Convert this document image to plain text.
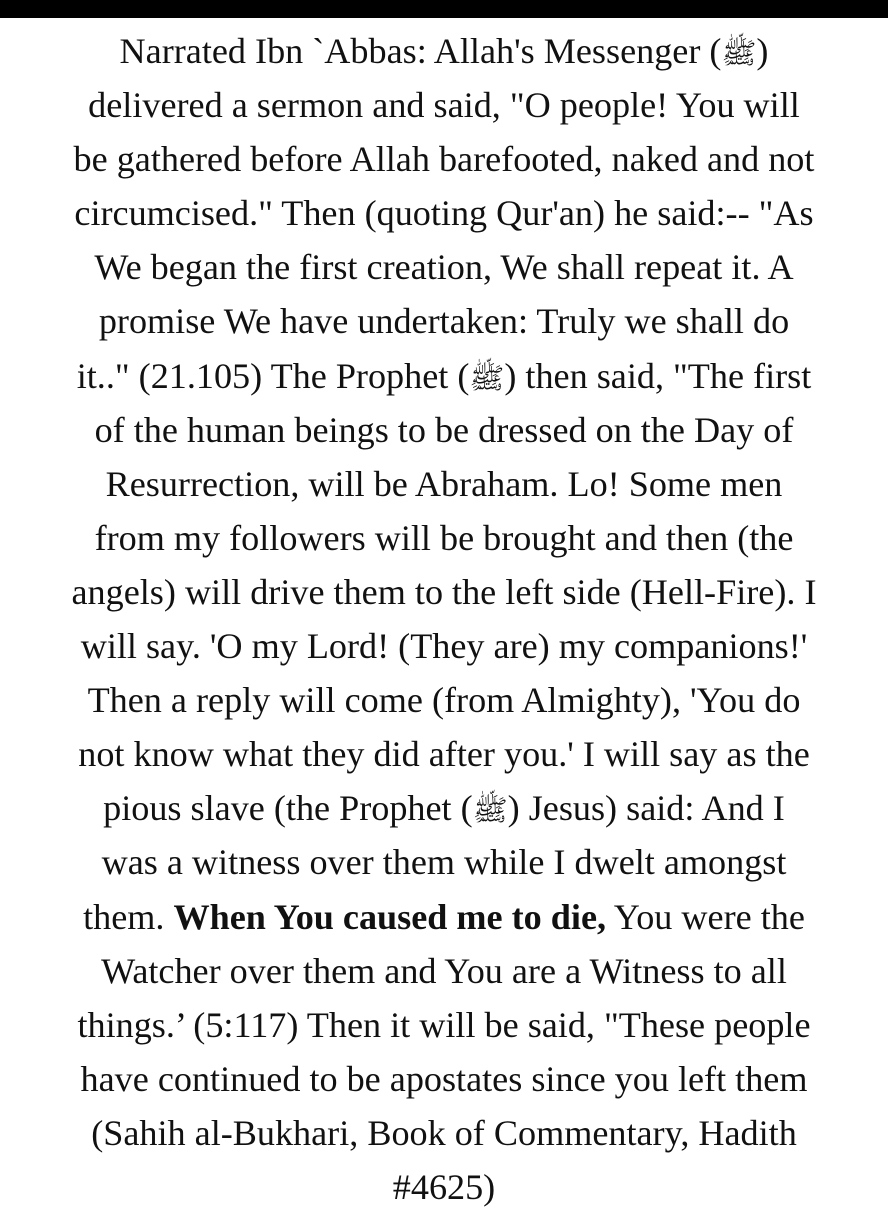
Narrated Ibn `Abbas: Allah's Messenger (ﷺ)
delivered a sermon and said, "O people! You will
be gathered before Allah barefooted, naked and not
circumcised." Then (quoting Qur'an) he said:-- "As
We began the first creation, We shall repeat it. A
promise We have undertaken: Truly we shall do
it.." (21.105) The Prophet (ﷺ) then said, "The first
of the human beings to be dressed on the Day of
Resurrection, will be Abraham. Lo! Some men
from my followers will be brought and then (the
angels) will drive them to the left side (Hell-Fire). I
will say. 'O my Lord! (They are) my companions!'
Then a reply will come (from Almighty), 'You do
not know what they did after you.' I will say as the
pious slave (the Prophet (ﷺ) Jesus) said: And I
was a witness over them while I dwelt amongst
them. When You caused me to die, You were the
Watcher over them and You are a Witness to all
things.’ (5:117) Then it will be said, "These people
have continued to be apostates since you left them
(Sahih al-Bukhari, Book of Commentary, Hadith
#4625)
